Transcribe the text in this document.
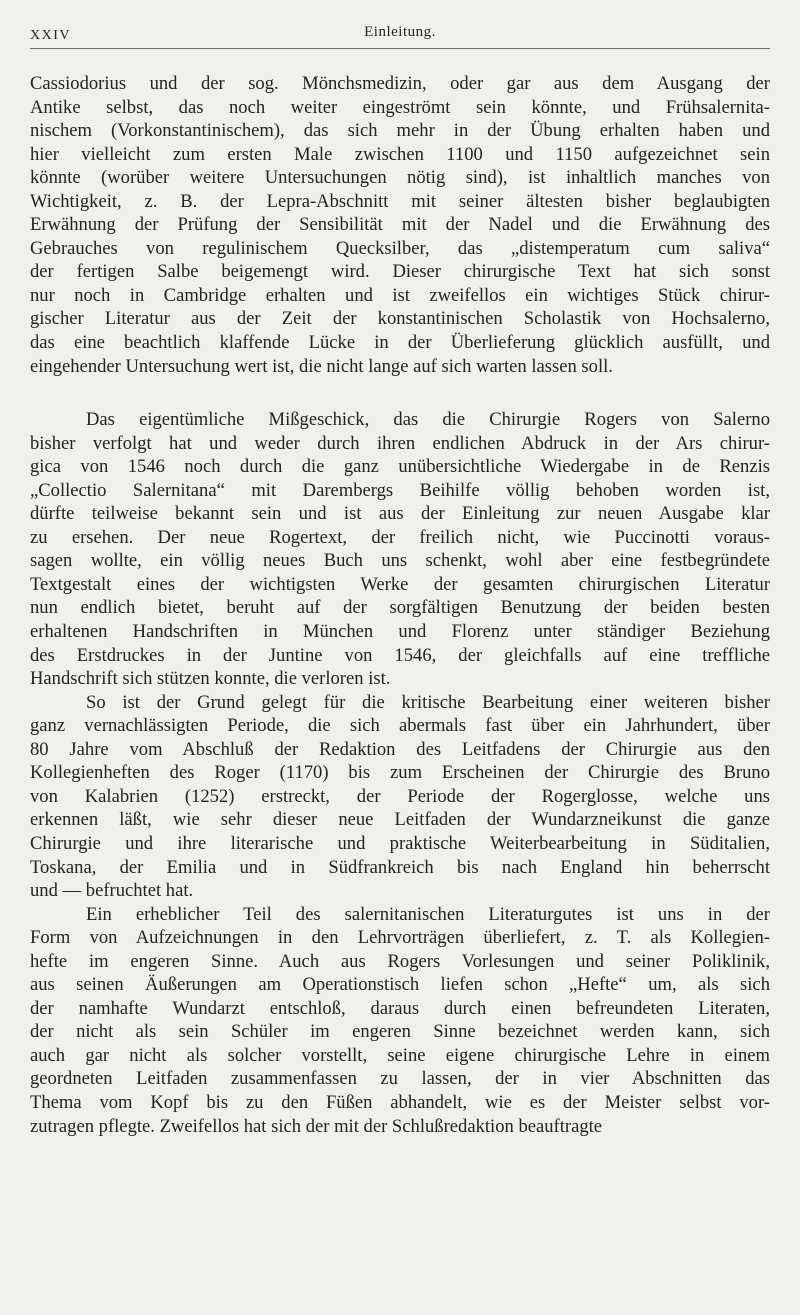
XXIV	Einleitung.
Cassiodorius und der sog. Mönchsmedizin, oder gar aus dem Ausgang der
Antike selbst, das noch weiter eingeströmt sein könnte, und Frühsalernita-
nischem (Vorkonstantinischem), das sich mehr in der Übung erhalten haben und
hier vielleicht zum ersten Male zwischen 1100 und 1150 aufgezeichnet sein
könnte (worüber weitere Untersuchungen nötig sind), ist inhaltlich manches von
Wichtigkeit, z. B. der Lepra-Abschnitt mit seiner ältesten bisher beglaubigten
Erwähnung der Prüfung der Sensibilität mit der Nadel und die Erwähnung des
Gebrauches von regulinischem Quecksilber, das „distemperatum cum saliva“
der fertigen Salbe beigemengt wird. Dieser chirurgische Text hat sich sonst
nur noch in Cambridge erhalten und ist zweifellos ein wichtiges Stück chirur-
gischer Literatur aus der Zeit der konstantinischen Scholastik von Hochsalerno,
das eine beachtlich klaffende Lücke in der Überlieferung glücklich ausfüllt, und
eingehender Untersuchung wert ist, die nicht lange auf sich warten lassen soll.
Das eigentümliche Mißgeschick, das die Chirurgie Rogers von Salerno
bisher verfolgt hat und weder durch ihren endlichen Abdruck in der Ars chirur-
gica von 1546 noch durch die ganz unübersichtliche Wiedergabe in de Renzis
„Collectio Salernitana“ mit Darembergs Beihilfe völlig behoben worden ist,
dürfte teilweise bekannt sein und ist aus der Einleitung zur neuen Ausgabe klar
zu ersehen. Der neue Rogertext, der freilich nicht, wie Puccinotti voraus-
sagen wollte, ein völlig neues Buch uns schenkt, wohl aber eine festbegründete
Textgestalt eines der wichtigsten Werke der gesamten chirurgischen Literatur
nun endlich bietet, beruht auf der sorgfältigen Benutzung der beiden besten
erhaltenen Handschriften in München und Florenz unter ständiger Beziehung
des Erstdruckes in der Juntine von 1546, der gleichfalls auf eine treffliche
Handschrift sich stützen konnte, die verloren ist.
So ist der Grund gelegt für die kritische Bearbeitung einer weiteren bisher
ganz vernachlässigten Periode, die sich abermals fast über ein Jahrhundert, über
80 Jahre vom Abschluß der Redaktion des Leitfadens der Chirurgie aus den
Kollegienheften des Roger (1170) bis zum Erscheinen der Chirurgie des Bruno
von Kalabrien (1252) erstreckt, der Periode der Rogerglosse, welche uns
erkennen läßt, wie sehr dieser neue Leitfaden der Wundarzneikunst die ganze
Chirurgie und ihre literarische und praktische Weiterbearbeitung in Süditalien,
Toskana, der Emilia und in Südfrankreich bis nach England hin beherrscht
und — befruchtet hat.
Ein erheblicher Teil des salernitanischen Literaturgutes ist uns in der
Form von Aufzeichnungen in den Lehrvorträgen überliefert, z. T. als Kollegien-
hefte im engeren Sinne. Auch aus Rogers Vorlesungen und seiner Poliklinik,
aus seinen Äußerungen am Operationstisch liefen schon „Hefte“ um, als sich
der namhafte Wundarzt entschloß, daraus durch einen befreundeten Literaten,
der nicht als sein Schüler im engeren Sinne bezeichnet werden kann, sich
auch gar nicht als solcher vorstellt, seine eigene chirurgische Lehre in einem
geordneten Leitfaden zusammenfassen zu lassen, der in vier Abschnitten das
Thema vom Kopf bis zu den Füßen abhandelt, wie es der Meister selbst vor-
zutragen pflegte. Zweifellos hat sich der mit der Schlußredaktion beauftragte
